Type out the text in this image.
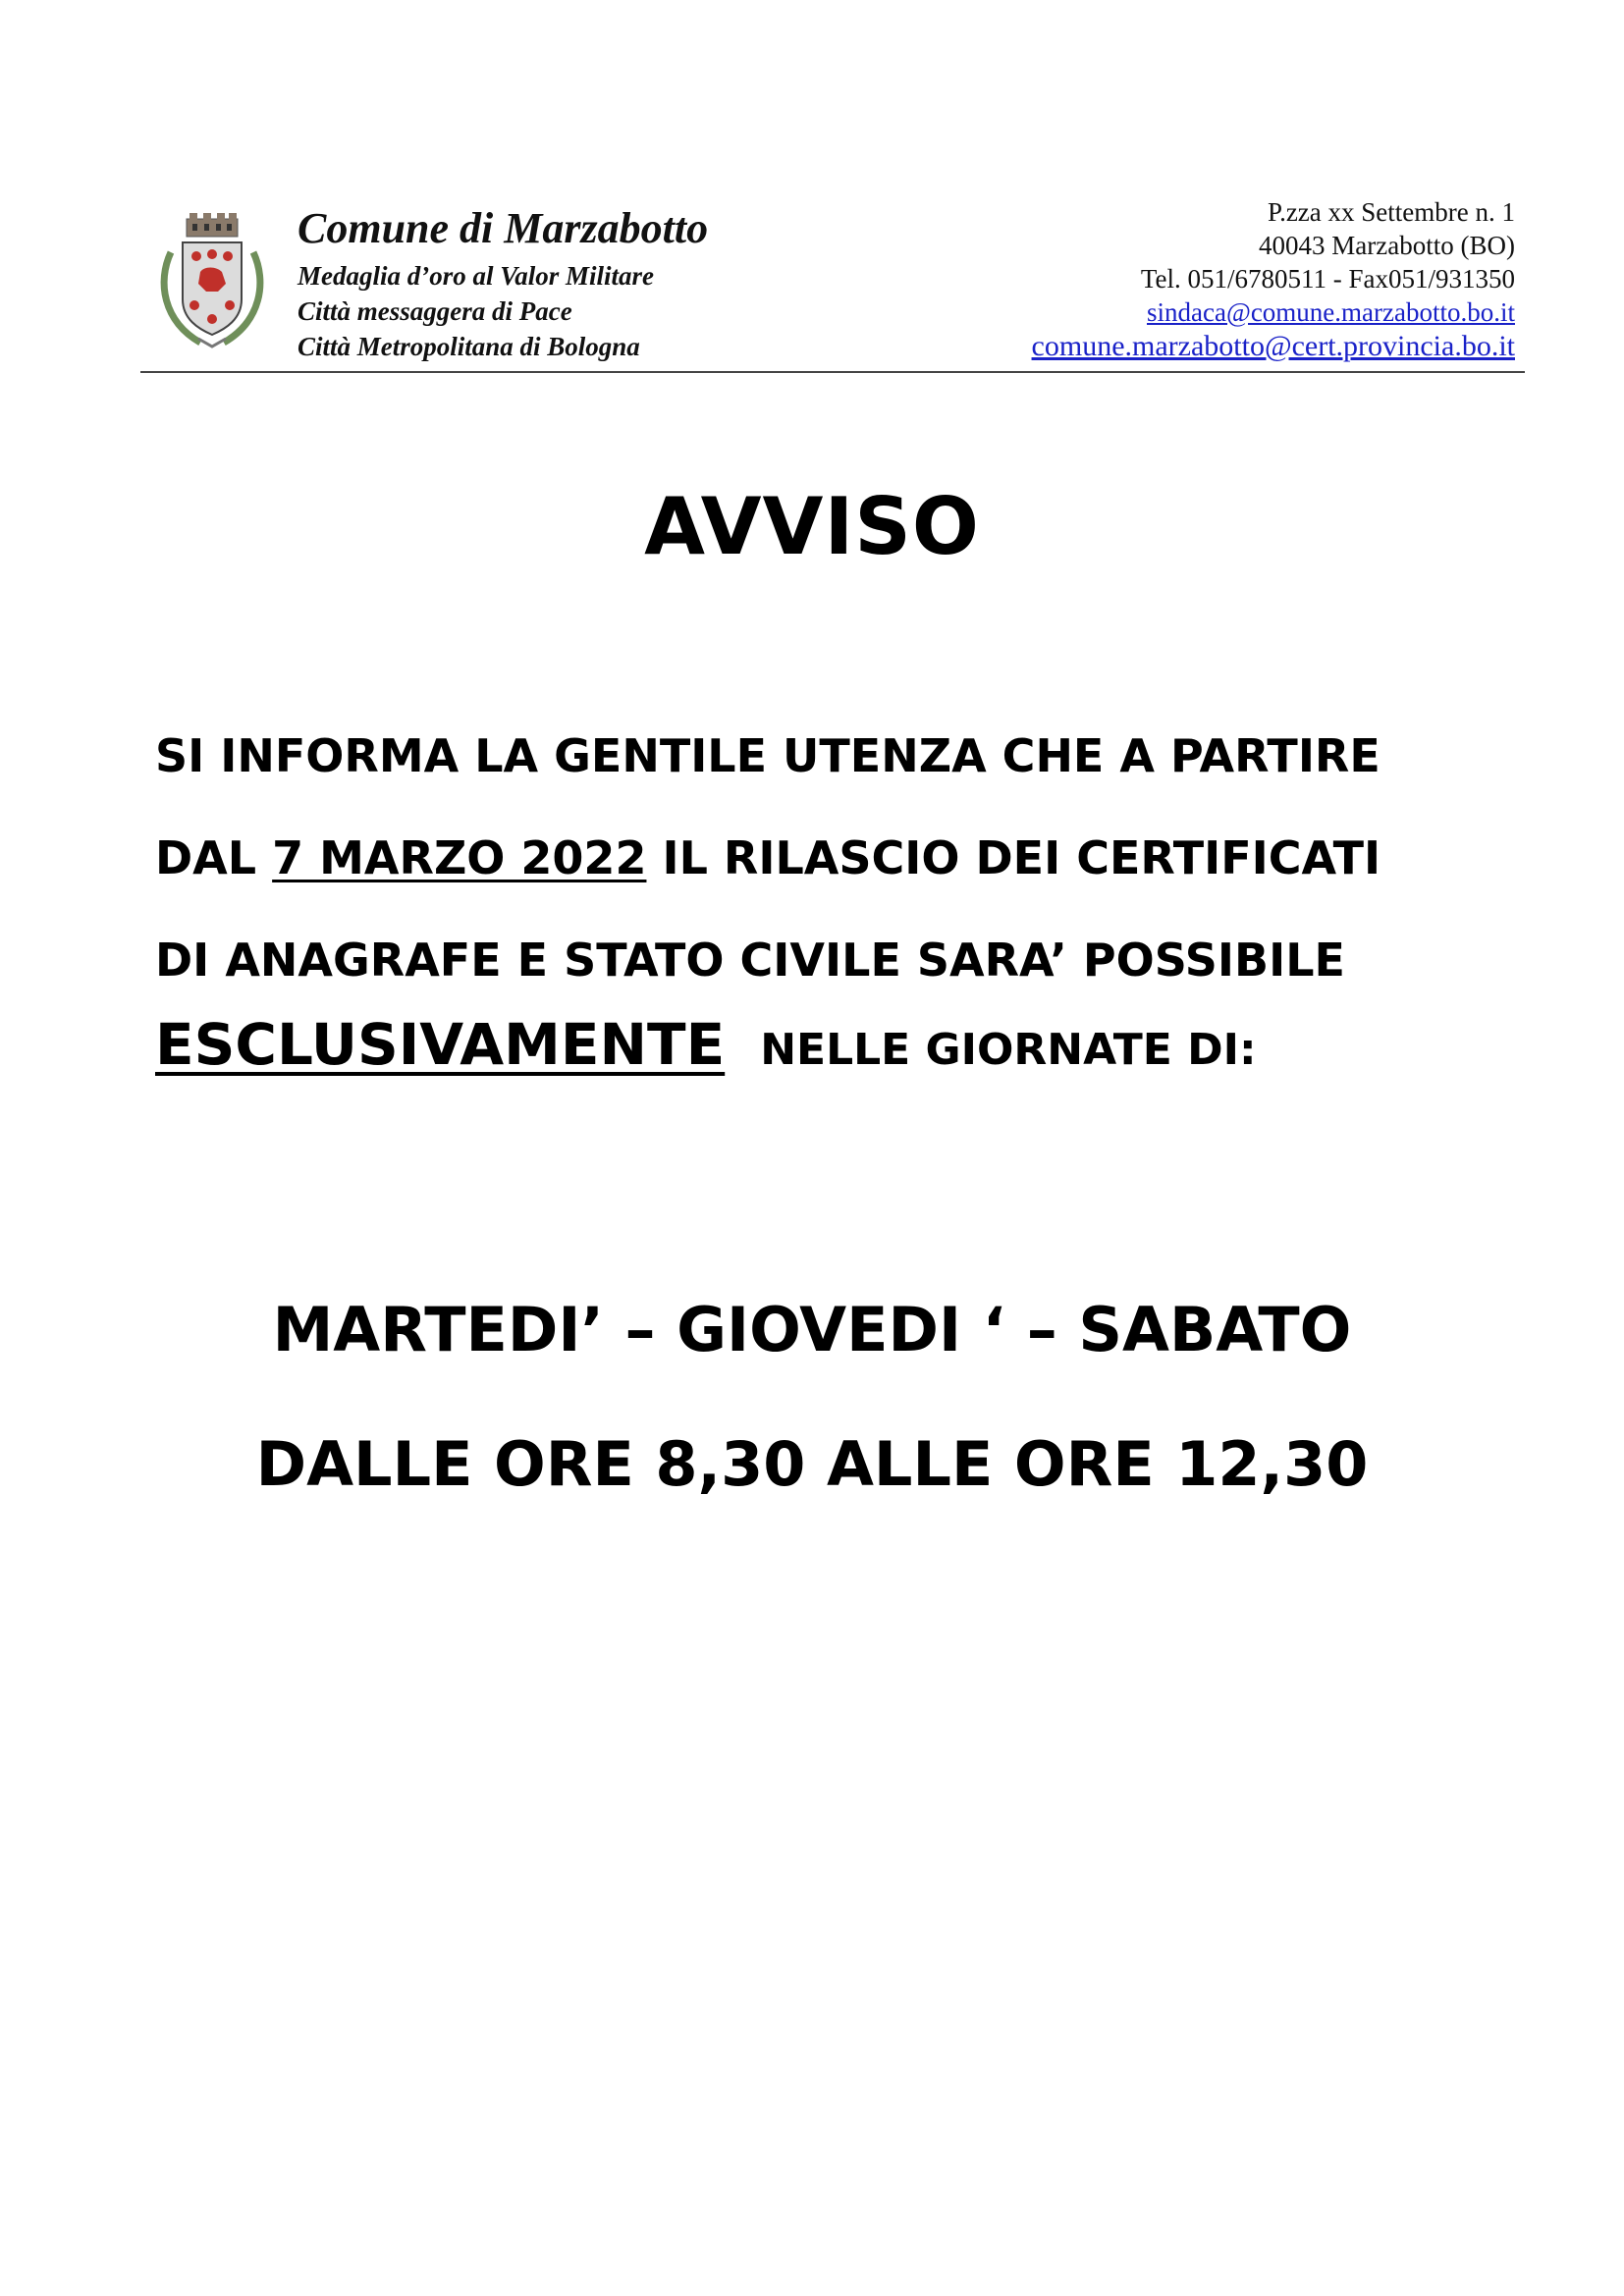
Comune di Marzabotto
Medaglia d’oro al Valor Militare
Città messaggera di Pace
Città Metropolitana di Bologna
P.zza xx Settembre n. 1
40043 Marzabotto (BO)
Tel. 051/6780511 - Fax051/931350
sindaca@comune.marzabotto.bo.it
comune.marzabotto@cert.provincia.bo.it
AVVISO
SI INFORMA LA GENTILE UTENZA CHE A PARTIRE
DAL 7 MARZO 2022 IL RILASCIO DEI CERTIFICATI
DI ANAGRAFE E STATO CIVILE SARA’ POSSIBILE
ESCLUSIVAMENTE NELLE GIORNATE DI:
MARTEDI’ – GIOVEDI ‘ – SABATO
DALLE ORE 8,30 ALLE ORE 12,30
